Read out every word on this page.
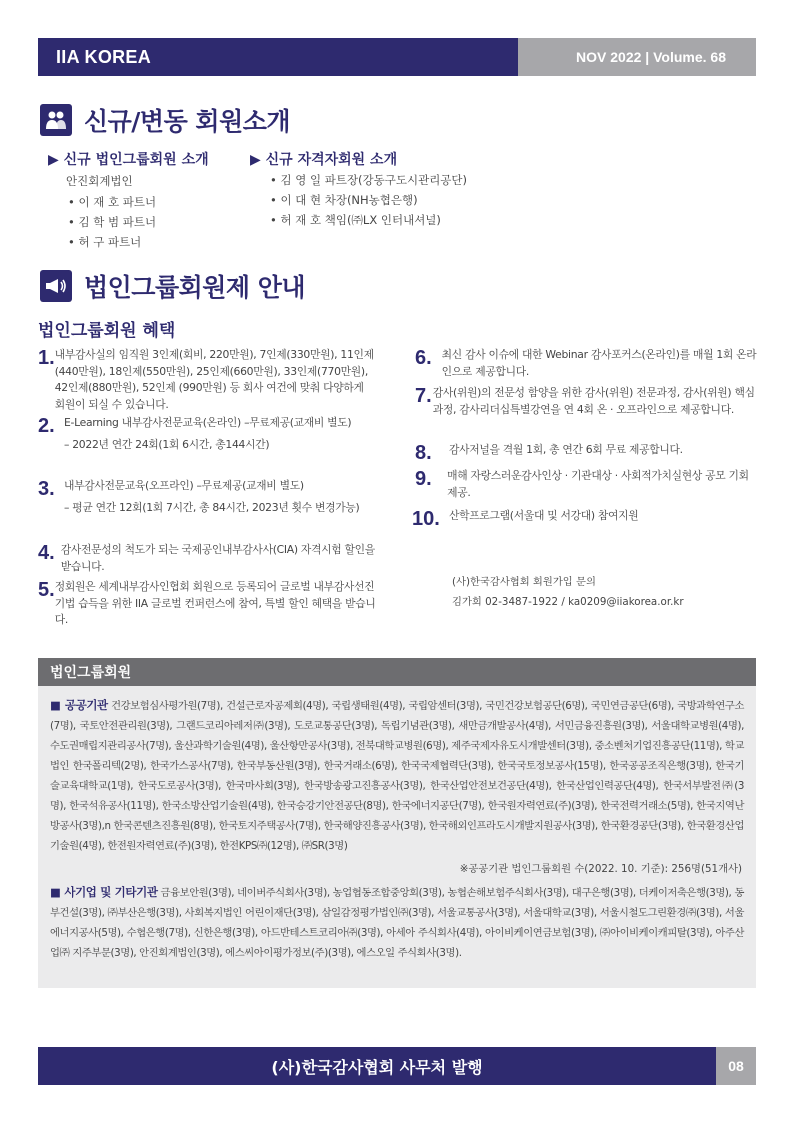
IIA KOREA	NOV 2022 | Volume. 68
신규/변동 회원소개
▶ 신규 법인그룹회원 소개
안진회계법인
• 이 재 호 파트너
• 김 학 범 파트너
• 허 구 파트너
▶ 신규 자격자회원 소개
• 김 영 일 파트장(강동구도시관리공단)
• 이 대 현 차장(NH농협은행)
• 허 재 호 책임(㈜LX 인터내셔널)
법인그룹회원제 안내
법인그룹회원 혜택
1. 내부감사실의 임직원 3인제(회비, 220만원), 7인제(330만원), 11인제(440만원), 18인제(550만원), 25인제(660만원), 33인제(770만원), 42인제(880만원), 52인제 (990만원) 등 회사 여건에 맞춰 다양하게 회원이 되실 수 있습니다.
2. E-Learning 내부감사전문교육(온라인) –무료제공(교재비 별도)
– 2022년 연간 24회(1회 6시간, 총144시간)
3. 내부감사전문교육(오프라인) –무료제공(교재비 별도)
– 평균 연간 12회(1회 7시간, 총 84시간, 2023년 횟수 변경가능)
4. 감사전문성의 척도가 되는 국제공인내부감사사(CIA) 자격시험 할인을 받습니다.
5. 정회원은 세계내부감사인협회 회원으로 등록되어 글로벌 내부감사선진기법 습득을 위한 IIA 글로벌 컨퍼런스에 참여, 특별 할인 혜택을 받습니다.
6. 최신 감사 이슈에 대한 Webinar 감사포커스(온라인)를 매월 1회 온라인으로 제공합니다.
7. 감사(위원)의 전문성 함양을 위한 감사(위원) 전문과정, 감사(위원) 핵심과정, 감사리더십특별강연을 연 4회 온 · 오프라인으로 제공합니다.
8.	감사저널을 격월 1회, 총 연간 6회 무료 제공합니다.
9.	매해 자랑스러운감사인상 · 기관대상 · 사회적가치실현상 공모 기회 제공.
10. 산학프로그램(서울대 및 서강대) 참여지원
(사)한국감사협회 회원가입 문의
김가희 02-3487-1922 / ka0209@iiakorea.or.kr
법인그룹회원
■ 공공기관 건강보험심사평가원(7명), 건설근로자공제회(4명), 국립생태원(4명), 국립암센터(3명), 국민건강보험공단(6명), 국민연금공단(6명), 국방과학연구소(7명), 국토안전관리원(3명), 그랜드코리아레저㈜(3명), 도로교통공단(3명), 독립기념관(3명), 새만금개발공사(4명), 서민금융진흥원(3명), 서울대학교병원(4명), 수도권매립지관리공사(7명), 울산과학기술원(4명), 울산항만공사(3명), 전북대학교병원(6명), 제주국제자유도시개발센터(3명), 중소벤처기업진흥공단(11명), 학교법인 한국폴리텍(2명), 한국가스공사(7명), 한국부동산원(3명), 한국거래소(6명), 한국국제협력단(3명), 한국국토정보공사(15명), 한국공공조직은행(3명), 한국기술교육대학교(1명), 한국도로공사(3명), 한국마사회(3명), 한국방송광고진흥공사(3명), 한국산업안전보건공단(4명), 한국산업인력공단(4명), 한국서부발전㈜(3명), 한국석유공사(11명), 한국소방산업기술원(4명), 한국승강기안전공단(8명), 한국에너지공단(7명), 한국원자력연료(주)(3명), 한국전력거래소(5명), 한국지역난방공사(3명),n 한국콘텐츠진흥원(8명), 한국토지주택공사(7명), 한국해양진흥공사(3명), 한국해외인프라도시개발지원공사(3명), 한국환경공단(3명), 한국환경산업기술원(4명), 한전원자력연료(주)(3명), 한전KPS㈜(12명), ㈜SR(3명)
※공공기관 법인그룹회원 수(2022. 10. 기준): 256명(51개사)
■ 사기업 및 기타기관 금융보안원(3명), 네이버주식회사(3명), 농업협동조합중앙회(3명), 농협손해보험주식회사(3명), 대구은행(3명), 더케이저축은행(3명), 동부건설(3명), ㈜부산은행(3명), 사회복지법인 어린이재단(3명), 삼일감정평가법인㈜(3명), 서울교통공사(3명), 서울대학교(3명), 서울시철도그린환경㈜(3명), 서울에너지공사(5명), 수협은행(7명), 신한은행(3명), 아드반테스트코리아㈜(3명), 아세아 주식회사(4명), 아이비케이연금보험(3명), ㈜아이비케이캐피탈(3명), 아주산업㈜ 지주부문(3명), 안진회계법인(3명), 에스씨아이평가정보(주)(3명), 에스오일 주식회사(3명).
(사)한국감사협회 사무처 발행	08
